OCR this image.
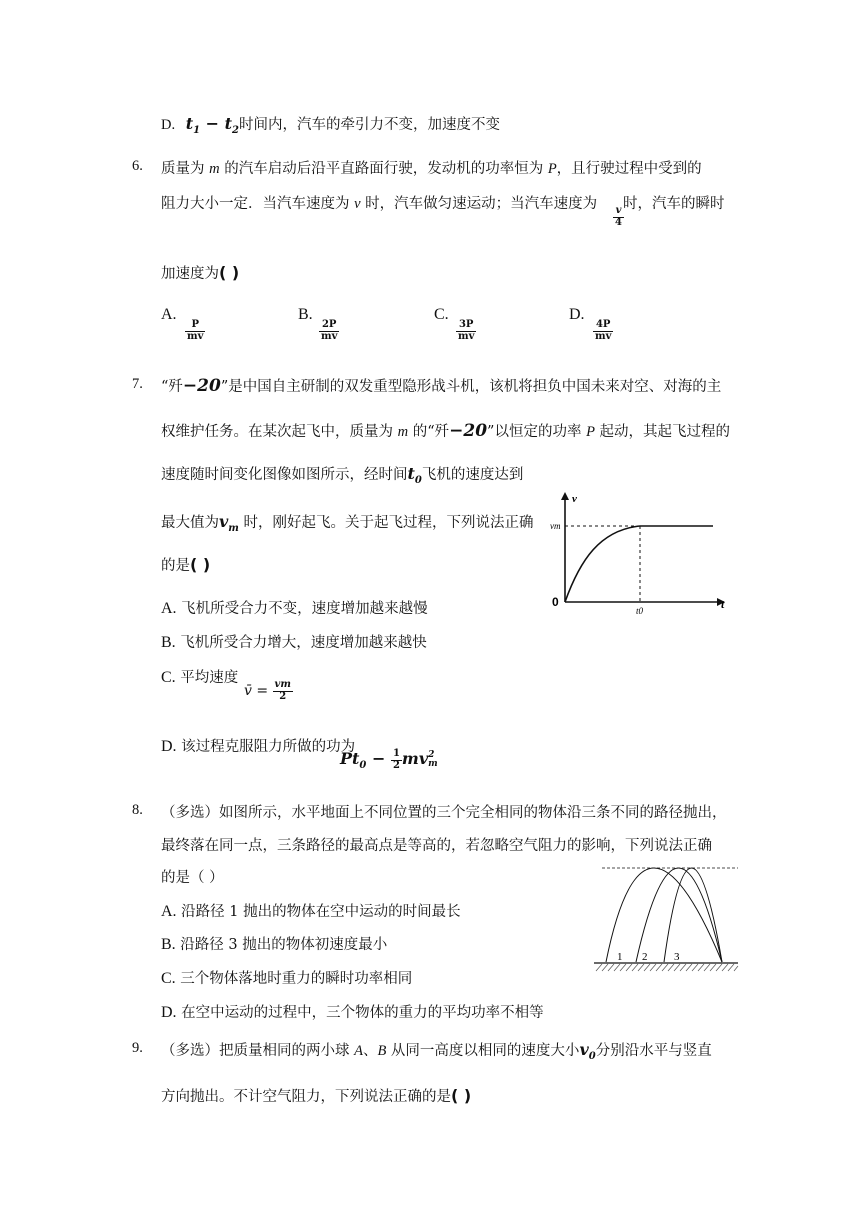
D. $t_1 - t_2$时间内，汽车的牵引力不变，加速度不变
6. 质量为 m 的汽车启动后沿平直路面行驶，发动机的功率恒为 P，且行驶过程中受到的
阻力大小一定．当汽车速度为 v 时，汽车做匀速运动；当汽车速度为
$\frac{v}{4}$
时，汽车的瞬时
加速度为( )
A.
$\frac{P}{mv}$
B.
$\frac{2P}{mv}$
C.
$\frac{3P}{mv}$
D.
$\frac{4P}{mv}$
7. “歼−20”是中国自主研制的双发重型隐形战斗机，该机将担负中国未来对空、对海的主
权维护任务。在某次起飞中，质量为 m 的“歼−20”以恒定的功率 P 起动，其起飞过程的
速度随时间变化图像如图所示，经时间$t_0$飞机的速度达到
最大值为$v_m$ 时，刚好起飞。关于起飞过程，下列说法正确
的是( )
v
t
0
vm
t0
A. 飞机所受合力不变，速度增加越来越慢
B. 飞机所受合力增大，速度增加越来越快
C. 平均速度
v̄ = $\frac{vm}{2}$
D. 该过程克服阻力所做的功为
$Pt_0 - \frac{1}{2}$ mv 2
m
8. （多选）如图所示，水平地面上不同位置的三个完全相同的物体沿三条不同的路径抛出，
最终落在同一点，三条路径的最高点是等高的，若忽略空气阻力的影响，下列说法正确
的是（ ）
1 2 3
A. 沿路径 1 抛出的物体在空中运动的时间最长
B. 沿路径 3 抛出的物体初速度最小
C. 三个物体落地时重力的瞬时功率相同
D. 在空中运动的过程中，三个物体的重力的平均功率不相等
9. （多选）把质量相同的两小球 A、B 从同一高度以相同的速度大小$v_0$分别沿水平与竖直
方向抛出。不计空气阻力，下列说法正确的是( )
